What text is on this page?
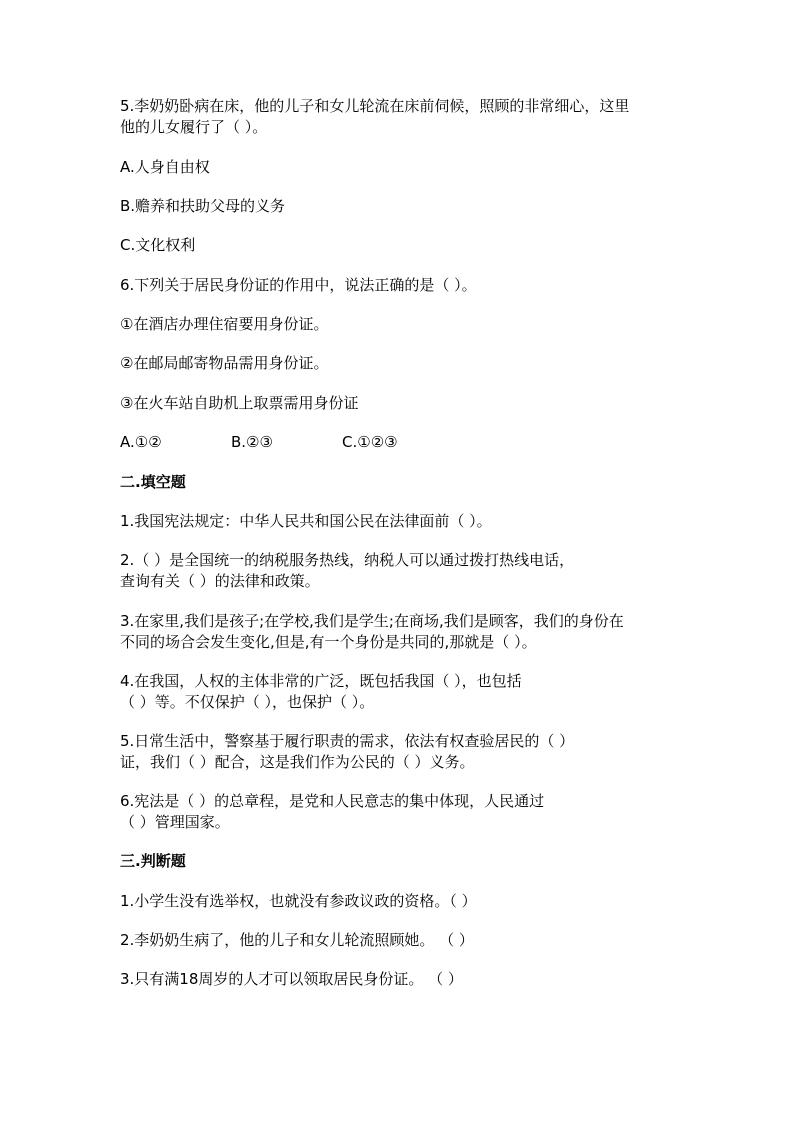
5.李奶奶卧病在床，他的儿子和女儿轮流在床前伺候，照顾的非常细心，这里

他的儿女履行了（ ）。

A.人身自由权

B.赡养和扶助父母的义务

C.文化权利

6.下列关于居民身份证的作用中，说法正确的是（ ）。

①在酒店办理住宿要用身份证。

②在邮局邮寄物品需用身份证。

③在火车站自助机上取票需用身份证

A.①②	B.②③	C.①②③

二.填空题

1.我国宪法规定：中华人民共和国公民在法律面前（ ）。

2.（ ）是全国统一的纳税服务热线，纳税人可以通过拨打热线电话，

查询有关（ ）的法律和政策。

3.在家里,我们是孩子;在学校,我们是学生;在商场,我们是顾客，我们的身份在

不同的场合会发生变化,但是,有一个身份是共同的,那就是（ ）。

4.在我国，人权的主体非常的广泛，既包括我国（ ），也包括

（ ）等。不仅保护（ ），也保护（ ）。

5.日常生活中，警察基于履行职责的需求，依法有权查验居民的（ ）

证，我们（ ）配合，这是我们作为公民的（ ）义务。

6.宪法是（ ）的总章程，是党和人民意志的集中体现，人民通过

（ ）管理国家。

三.判断题

1.小学生没有选举权，也就没有参政议政的资格。（ ）

2.李奶奶生病了，他的儿子和女儿轮流照顾她。 （ ）

3.只有满18周岁的人才可以领取居民身份证。 （ ）
